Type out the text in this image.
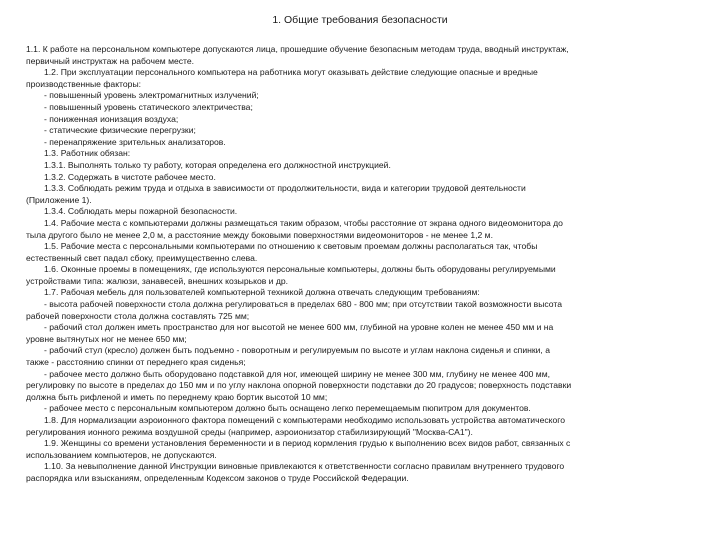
1. Общие требования безопасности
1.1. К работе на персональном компьютере допускаются лица, прошедшие обучение безопасным методам труда, вводный инструктаж,
первичный инструктаж на рабочем месте.
1.2. При эксплуатации персонального компьютера на работника могут оказывать действие следующие опасные и вредные
производственные факторы:
- повышенный уровень электромагнитных излучений;
- повышенный уровень статического электричества;
- пониженная ионизация воздуха;
- статические физические перегрузки;
- перенапряжение зрительных анализаторов.
1.3. Работник обязан:
1.3.1. Выполнять только ту работу, которая определена его должностной инструкцией.
1.3.2. Содержать в чистоте рабочее место.
1.3.3. Соблюдать режим труда и отдыха в зависимости от продолжительности, вида и категории трудовой деятельности
(Приложение 1).
1.3.4. Соблюдать меры пожарной безопасности.
1.4. Рабочие места с компьютерами должны размещаться таким образом, чтобы расстояние от экрана одного видеомонитора до
тыла другого было не менее 2,0 м, а расстояние между боковыми поверхностями видеомониторов - не менее 1,2 м.
1.5. Рабочие места с персональными компьютерами по отношению к световым проемам должны располагаться так, чтобы
естественный свет падал сбоку, преимущественно слева.
1.6. Оконные проемы в помещениях, где используются персональные компьютеры, должны быть оборудованы регулируемыми
устройствами типа: жалюзи, занавесей, внешних козырьков и др.
1.7. Рабочая мебель для пользователей компьютерной техникой должна отвечать следующим требованиям:
- высота рабочей поверхности стола должна регулироваться в пределах 680 - 800 мм; при отсутствии такой возможности высота
рабочей поверхности стола должна составлять 725 мм;
- рабочий стол должен иметь пространство для ног высотой не менее 600 мм, глубиной на уровне колен не менее 450 мм и на
уровне вытянутых ног не менее 650 мм;
- рабочий стул (кресло) должен быть подъемно - поворотным и регулируемым по высоте и углам наклона сиденья и спинки, а
также - расстоянию спинки от переднего края сиденья;
- рабочее место должно быть оборудовано подставкой для ног, имеющей ширину не менее 300 мм, глубину не менее 400 мм,
регулировку по высоте в пределах до 150 мм и по углу наклона опорной поверхности подставки до 20 градусов; поверхность подставки
должна быть рифленой и иметь по переднему краю бортик высотой 10 мм;
- рабочее место с персональным компьютером должно быть оснащено легко перемещаемым пюпитром для документов.
1.8. Для нормализации аэроионного фактора помещений с компьютерами необходимо использовать устройства автоматического
регулирования ионного режима воздушной среды (например, аэроионизатор стабилизирующий "Москва-СА1").
1.9. Женщины со времени установления беременности и в период кормления грудью к выполнению всех видов работ, связанных с
использованием компьютеров, не допускаются.
1.10. За невыполнение данной Инструкции виновные привлекаются к ответственности согласно правилам внутреннего трудового
распорядка или взысканиям, определенным Кодексом законов о труде Российской Федерации.
